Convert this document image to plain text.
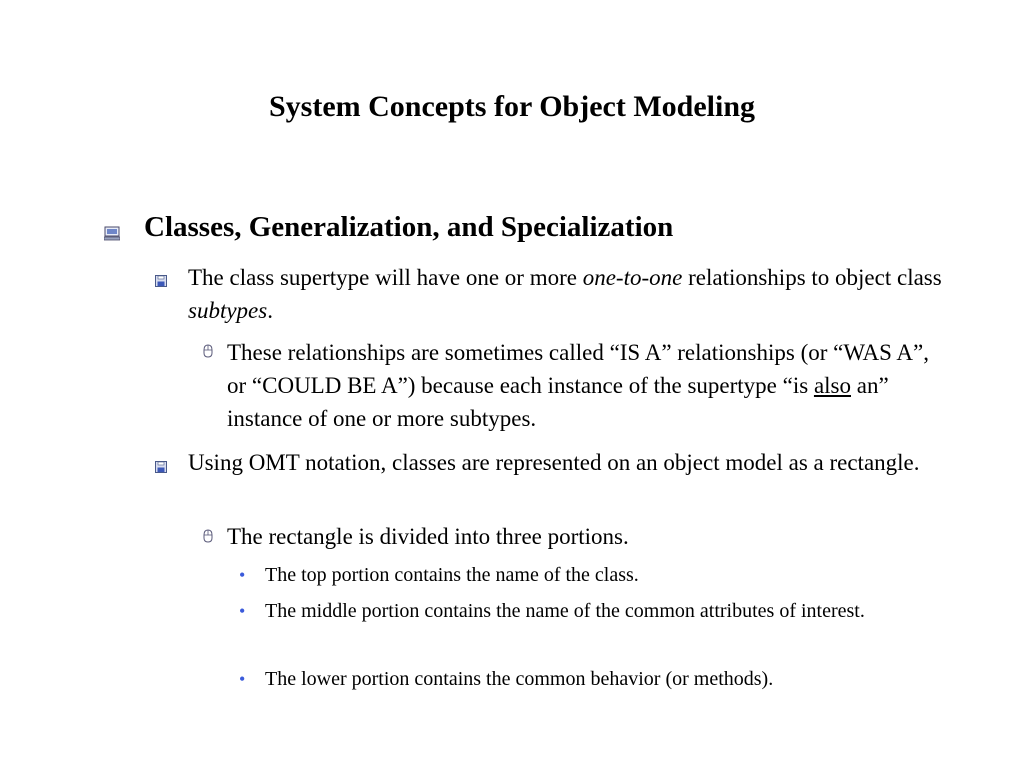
System Concepts for Object Modeling
Classes, Generalization, and Specialization
The class supertype will have one or more one-to-one relationships to object class subtypes.
These relationships are sometimes called “IS A” relationships (or “WAS A”, or “COULD BE A”) because each instance of the supertype “is also an” instance of one or more subtypes.
Using OMT notation, classes are represented on an object model as a rectangle.
The rectangle is divided into three portions.
• The top portion contains the name of the class.
• The middle portion contains the name of the common attributes of interest.
• The lower portion contains the common behavior (or methods).
